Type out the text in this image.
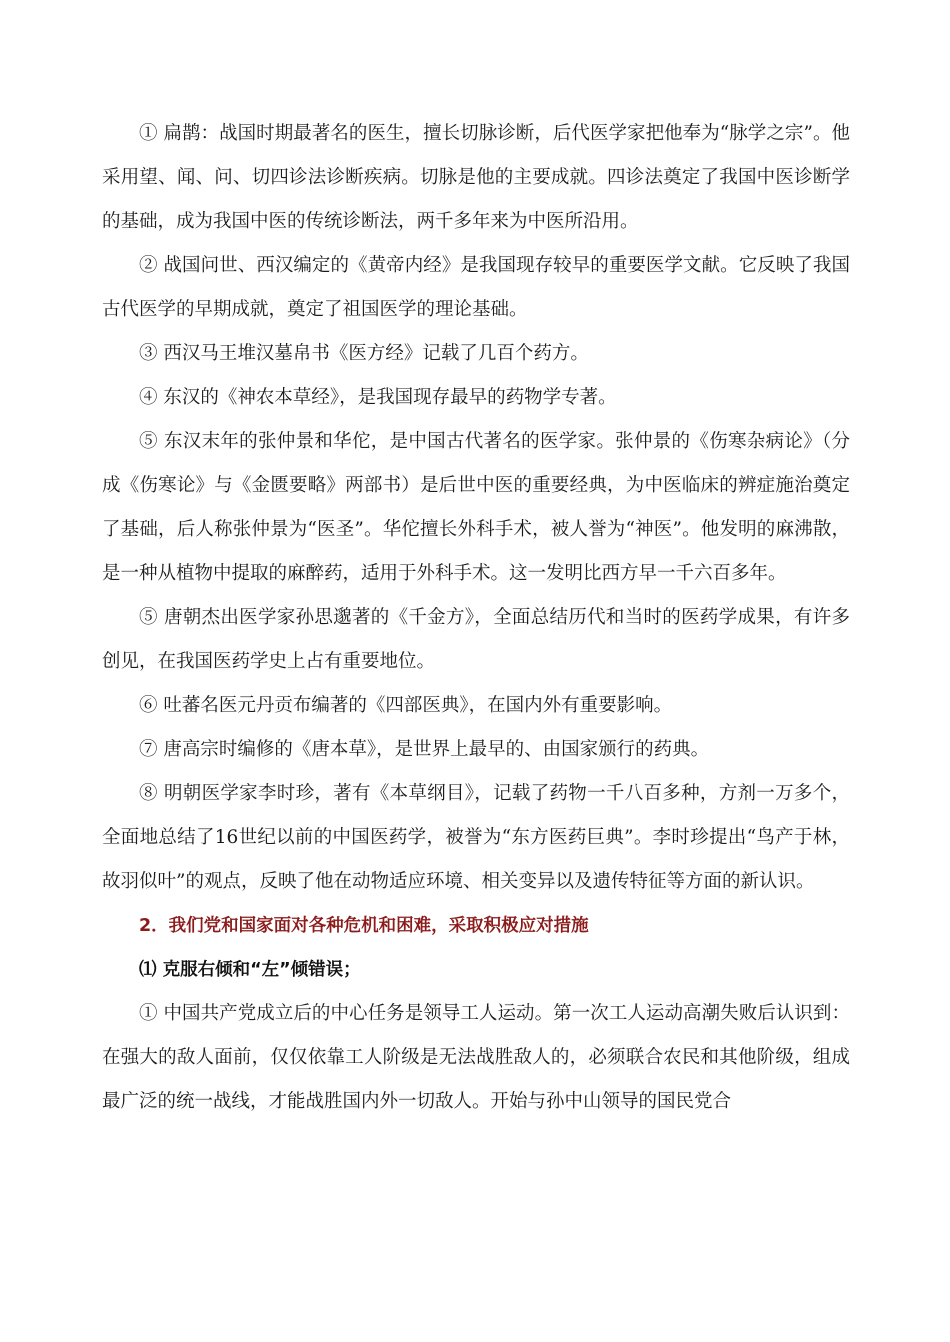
① 扁鹊：战国时期最著名的医生，擅长切脉诊断，后代医学家把他奉为“脉学之宗”。他采用望、闻、问、切四诊法诊断疾病。切脉是他的主要成就。四诊法奠定了我国中医诊断学的基础，成为我国中医的传统诊断法，两千多年来为中医所沿用。

② 战国问世、西汉编定的《黄帝内经》是我国现存较早的重要医学文献。它反映了我国古代医学的早期成就，奠定了祖国医学的理论基础。

③ 西汉马王堆汉墓帛书《医方经》记载了几百个药方。

④ 东汉的《神农本草经》，是我国现存最早的药物学专著。

⑤ 东汉末年的张仲景和华佗，是中国古代著名的医学家。张仲景的《伤寒杂病论》（分成《伤寒论》与《金匮要略》两部书）是后世中医的重要经典，为中医临床的辨症施治奠定了基础，后人称张仲景为“医圣”。华佗擅长外科手术，被人誉为“神医”。他发明的麻沸散，是一种从植物中提取的麻醉药，适用于外科手术。这一发明比西方早一千六百多年。

⑤ 唐朝杰出医学家孙思邈著的《千金方》，全面总结历代和当时的医药学成果，有许多创见，在我国医药学史上占有重要地位。

⑥ 吐蕃名医元丹贡布编著的《四部医典》，在国内外有重要影响。

⑦ 唐高宗时编修的《唐本草》，是世界上最早的、由国家颁行的药典。

⑧ 明朝医学家李时珍，著有《本草纲目》，记载了药物一千八百多种，方剂一万多个，全面地总结了16世纪以前的中国医药学，被誉为“东方医药巨典”。李时珍提出“鸟产于林，故羽似叶”的观点，反映了他在动物适应环境、相关变异以及遗传特征等方面的新认识。

2．我们党和国家面对各种危机和困难，采取积极应对措施

⑴ 克服右倾和“左”倾错误；

① 中国共产党成立后的中心任务是领导工人运动。第一次工人运动高潮失败后认识到：在强大的敌人面前，仅仅依靠工人阶级是无法战胜敌人的，必须联合农民和其他阶级，组成最广泛的统一战线，才能战胜国内外一切敌人。开始与孙中山领导的国民党合
